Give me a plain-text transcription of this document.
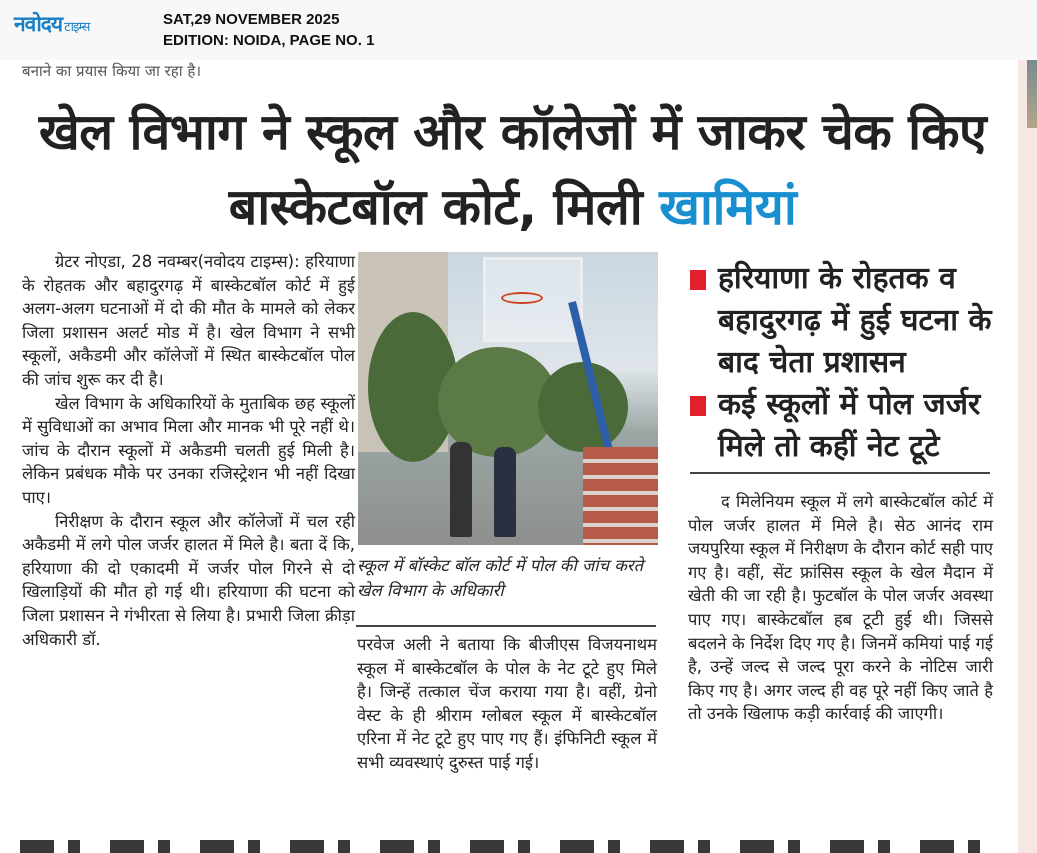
नवोदय टाइम्स	SAT,29 NOVEMBER 2025
EDITION: NOIDA, PAGE NO. 1
बनाने का प्रयास किया जा रहा है।
खेल विभाग ने स्कूल और कॉलेजों में जाकर चेक किए बास्केटबॉल कोर्ट, मिली खामियां

ग्रेटर नोएडा, 28 नवम्बर(नवोदय टाइम्स): हरियाणा के रोहतक और बहादुरगढ़ में बास्केटबॉल कोर्ट में हुई अलग-अलग घटनाओं में दो की मौत के मामले को लेकर जिला प्रशासन अलर्ट मोड में है। खेल विभाग ने सभी स्कूलों, अकैडमी और कॉलेजों में स्थित बास्केटबॉल पोल की जांच शुरू कर दी है।

खेल विभाग के अधिकारियों के मुताबिक छह स्कूलों में सुविधाओं का अभाव मिला और मानक भी पूरे नहीं थे। जांच के दौरान स्कूलों में अकैडमी चलती हुई मिली है। लेकिन प्रबंधक मौके पर उनका रजिस्ट्रेशन भी नहीं दिखा पाए।

निरीक्षण के दौरान स्कूल और कॉलेजों में चल रही अकैडमी में लगे पोल जर्जर हालत में मिले है। बता दें कि, हरियाणा की दो एकादमी में जर्जर पोल गिरने से दो खिलाड़ियों की मौत हो गई थी। हरियाणा की घटना को जिला प्रशासन ने गंभीरता से लिया है। प्रभारी जिला क्रीड़ा अधिकारी डॉ.

स्कूल में बॉस्केट बॉल कोर्ट में पोल की जांच करते खेल विभाग के अधिकारी

परवेज अली ने बताया कि बीजीएस विजयनाथम स्कूल में बास्केटबॉल के पोल के नेट टूटे हुए मिले है। जिन्हें तत्काल चेंज कराया गया है। वहीं, ग्रेनो वेस्ट के ही श्रीराम ग्लोबल स्कूल में बास्केटबॉल एरिना में नेट टूटे हुए पाए गए हैं। इंफिनिटी स्कूल में सभी व्यवस्थाएं दुरुस्त पाई गई।

हरियाणा के रोहतक व बहादुरगढ़ में हुई घटना के बाद चेता प्रशासन
कई स्कूलों में पोल जर्जर मिले तो कहीं नेट टूटे

द मिलेनियम स्कूल में लगे बास्केटबॉल कोर्ट में पोल जर्जर हालत में मिले है। सेठ आनंद राम जयपुरिया स्कूल में निरीक्षण के दौरान कोर्ट सही पाए गए है। वहीं, सेंट फ्रांसिस स्कूल के खेल मैदान में खेती की जा रही है। फुटबॉल के पोल जर्जर अवस्था पाए गए। बास्केटबॉल हब टूटी हुई थी। जिससे बदलने के निर्देश दिए गए है। जिनमें कमियां पाई गई है, उन्हें जल्द से जल्द पूरा करने के नोटिस जारी किए गए है। अगर जल्द ही वह पूरे नहीं किए जाते है तो उनके खिलाफ कड़ी कार्रवाई की जाएगी।
